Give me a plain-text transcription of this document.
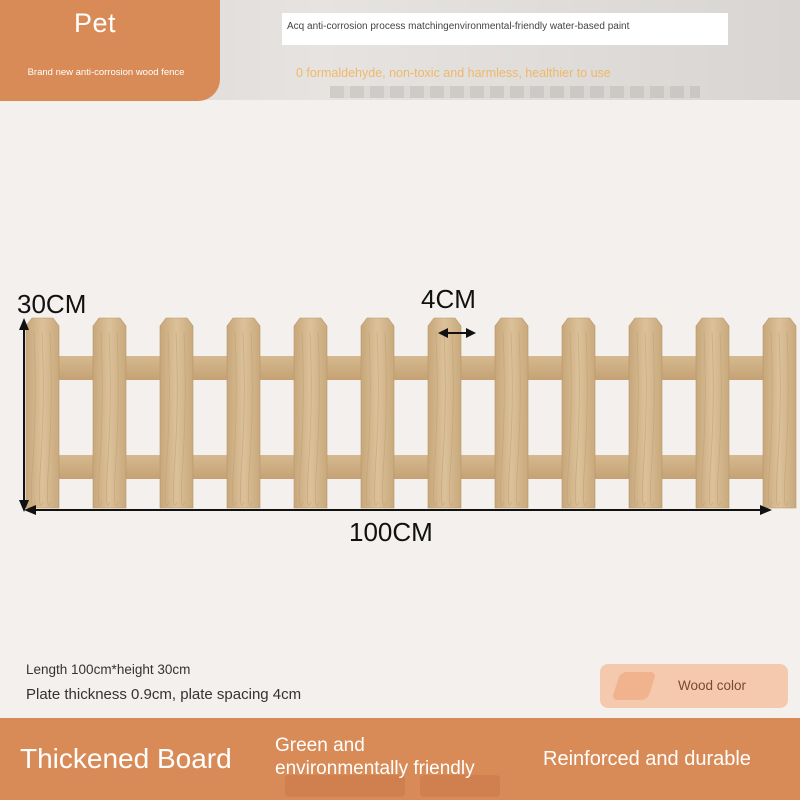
Pet
Brand new anti-corrosion wood fence
Acq anti-corrosion process matchingenvironmental-friendly water-based paint
0 formaldehyde, non-toxic and harmless, healthier to use
30CM	4CM
100CM
Length 100cm*height 30cm
Plate thickness 0.9cm, plate spacing 4cm
Wood color
Thickened Board Green and
environmentally friendly	Reinforced and durable
